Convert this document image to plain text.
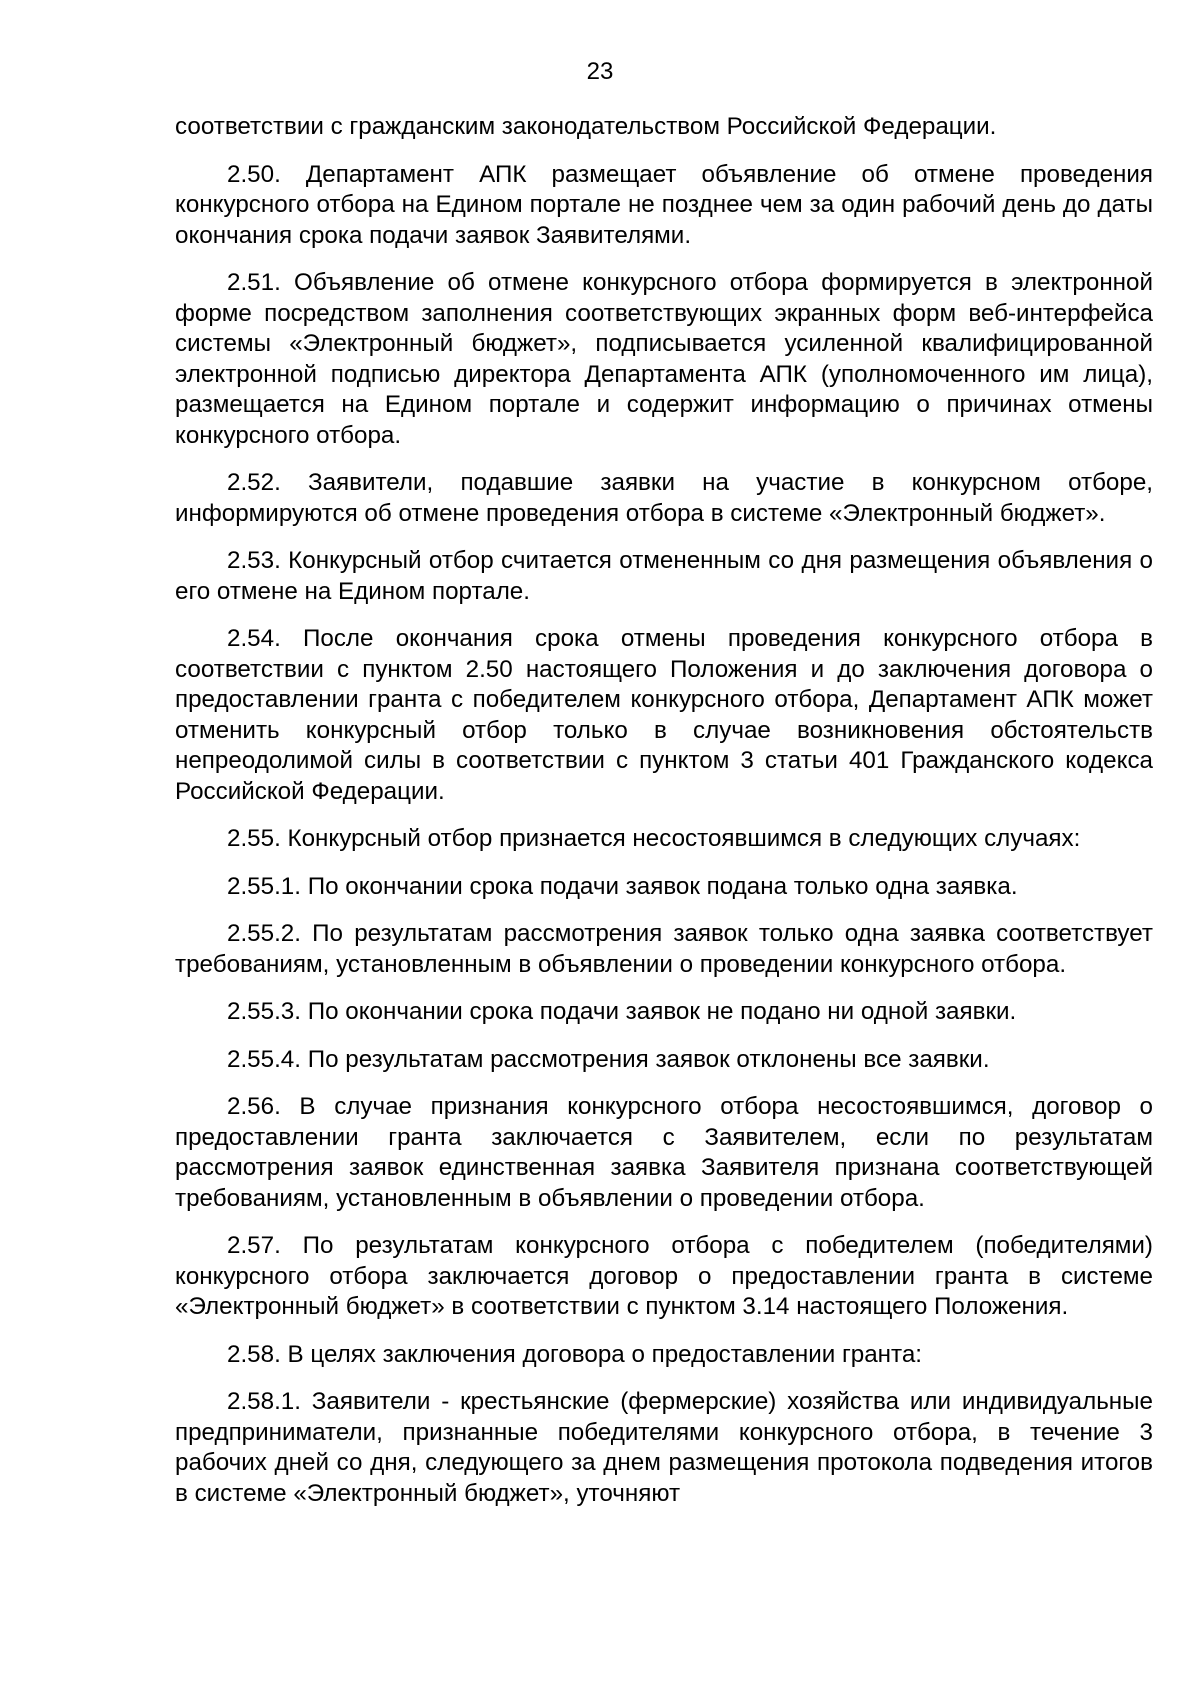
23

соответствии с гражданским законодательством Российской Федерации.

2.50. Департамент АПК размещает объявление об отмене проведения конкурсного отбора на Едином портале не позднее чем за один рабочий день до даты окончания срока подачи заявок Заявителями.

2.51. Объявление об отмене конкурсного отбора формируется в электронной форме посредством заполнения соответствующих экранных форм веб-интерфейса системы «Электронный бюджет», подписывается усиленной квалифицированной электронной подписью директора Департамента АПК (уполномоченного им лица), размещается на Едином портале и содержит информацию о причинах отмены конкурсного отбора.

2.52. Заявители, подавшие заявки на участие в конкурсном отборе, информируются об отмене проведения отбора в системе «Электронный бюджет».

2.53. Конкурсный отбор считается отмененным со дня размещения объявления о его отмене на Едином портале.

2.54. После окончания срока отмены проведения конкурсного отбора в соответствии с пунктом 2.50 настоящего Положения и до заключения договора о предоставлении гранта с победителем конкурсного отбора, Департамент АПК может отменить конкурсный отбор только в случае возникновения обстоятельств непреодолимой силы в соответствии с пунктом 3 статьи 401 Гражданского кодекса Российской Федерации.

2.55. Конкурсный отбор признается несостоявшимся в следующих случаях:

2.55.1. По окончании срока подачи заявок подана только одна заявка.

2.55.2. По результатам рассмотрения заявок только одна заявка соответствует требованиям, установленным в объявлении о проведении конкурсного отбора.

2.55.3. По окончании срока подачи заявок не подано ни одной заявки.

2.55.4. По результатам рассмотрения заявок отклонены все заявки.

2.56. В случае признания конкурсного отбора несостоявшимся, договор о предоставлении гранта заключается с Заявителем, если по результатам рассмотрения заявок единственная заявка Заявителя признана соответствующей требованиям, установленным в объявлении о проведении отбора.

2.57. По результатам конкурсного отбора с победителем (победителями) конкурсного отбора заключается договор о предоставлении гранта в системе «Электронный бюджет» в соответствии с пунктом 3.14 настоящего Положения.

2.58. В целях заключения договора о предоставлении гранта:

2.58.1. Заявители - крестьянские (фермерские) хозяйства или индивидуальные предприниматели, признанные победителями конкурсного отбора, в течение 3 рабочих дней со дня, следующего за днем размещения протокола подведения итогов в системе «Электронный бюджет», уточняют
